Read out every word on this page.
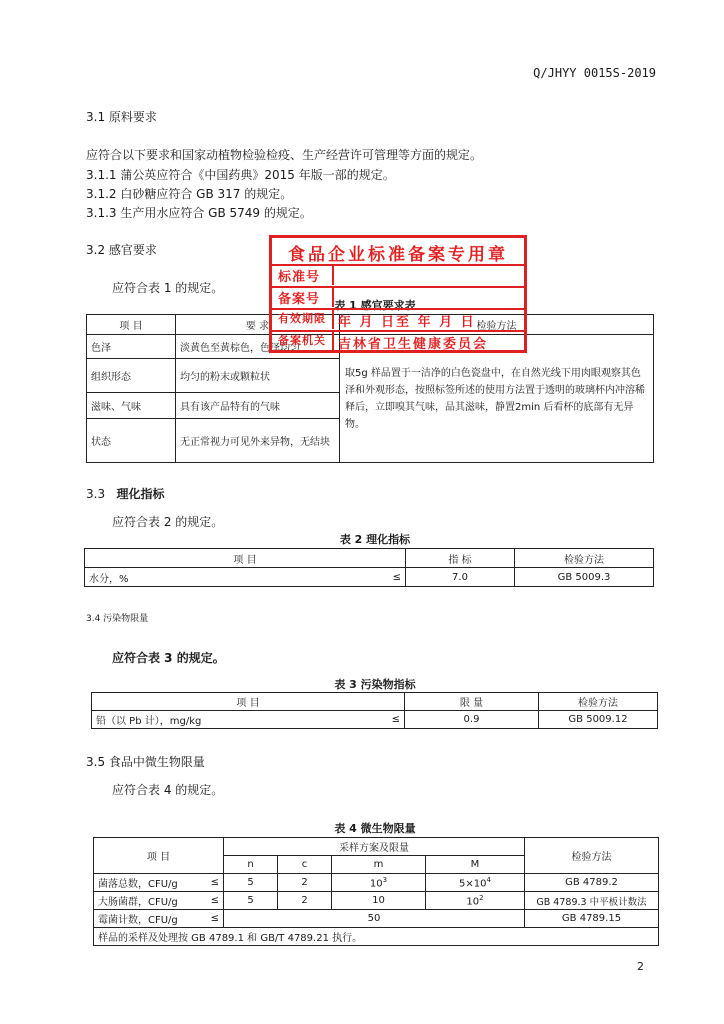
Q/JHYY 0015S-2019
3.1 原料要求
应符合以下要求和国家动植物检验检疫、生产经营许可管理等方面的规定。
3.1.1 蒲公英应符合《中国药典》2015 年版一部的规定。
3.1.2 白砂糖应符合 GB 317 的规定。
3.1.3 生产用水应符合 GB 5749 的规定。
3.2 感官要求
应符合表 1 的规定。
表 1 感官要求表
项 目	要 求	检验方法
色泽	淡黄色至黄棕色，色泽均匀	取5g 样品置于一洁净的白色瓷盘中，在自然光线下用肉眼观察其色泽和外观形态，按照标签所述的使用方法置于透明的玻璃杯内冲溶稀释后，立即嗅其气味，品其滋味，静置2min 后看杯的底部有无异物。
组织形态	均匀的粉末或颗粒状	
滋味、气味	具有该产品特有的气味	
状态	无正常视力可见外来异物，无结块	
食品企业标准备案专用章
标准号
备案号
有效期限 年 月 日至 年 月 日
备案机关 吉林省卫生健康委员会
3.3 理化指标
应符合表 2 的规定。
表 2 理化指标
项 目		指 标	检验方法
水分，%	≤	7.0	GB 5009.3
3.4 污染物限量
应符合表 3 的规定。
表 3 污染物指标
项 目		限 量	检验方法
铅（以 Pb 计），mg/kg	≤	0.9	GB 5009.12
3.5 食品中微生物限量
应符合表 4 的规定。
表 4 微生物限量
项 目		采样方案及限量				检验方法
		n	c	m	M	
菌落总数，CFU/g	≤	5	2	$10^3$	$5\times 10^4$	GB 4789.2
大肠菌群，CFU/g	≤	5	2	10	$10^2$	GB 4789.3 中平板计数法
霉菌计数，CFU/g	≤	50				GB 4789.15
样品的采样及处理按 GB 4789.1 和 GB/T 4789.21 执行。						
2
